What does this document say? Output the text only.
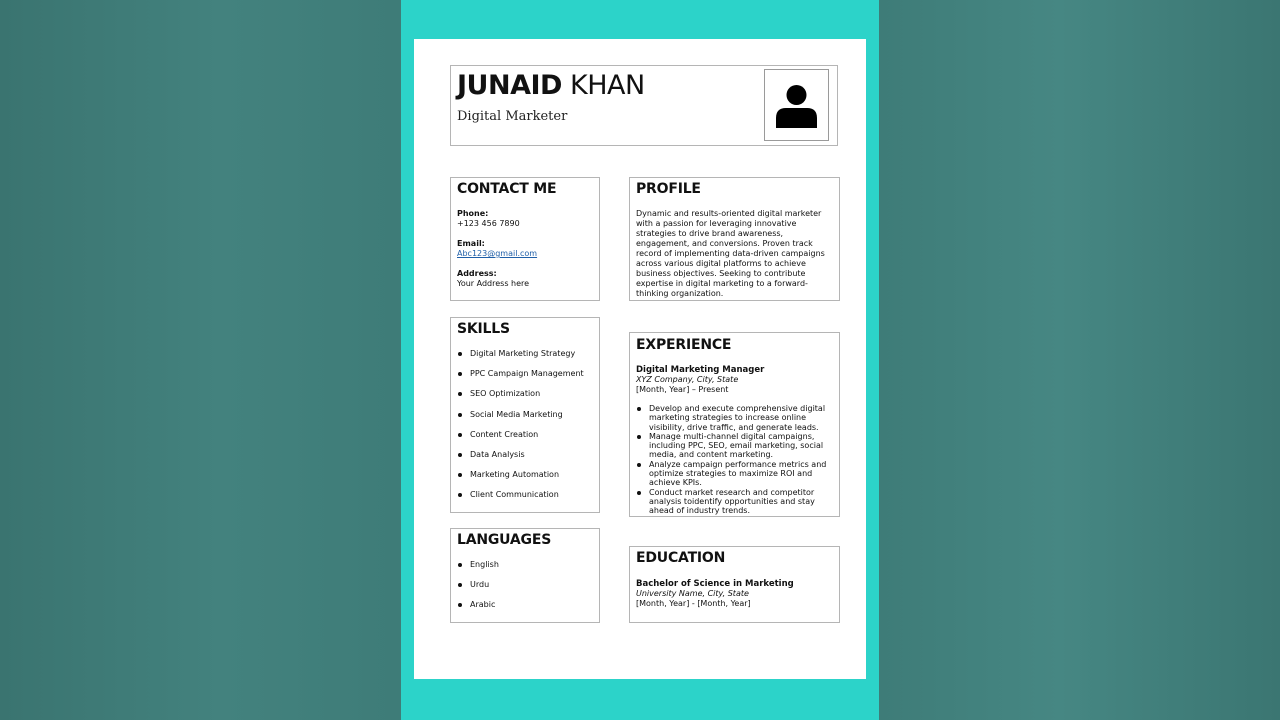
JUNAID KHAN
Digital Marketer
CONTACT ME
Phone:
+123 456 7890
Email:
Abc123@gmail.com
Address:
Your Address here
SKILLS
Digital Marketing Strategy
PPC Campaign Management
SEO Optimization
Social Media Marketing
Content Creation
Data Analysis
Marketing Automation
Client Communication
LANGUAGES
English
Urdu
Arabic
PROFILE
Dynamic and results-oriented digital marketer with a passion for leveraging innovative strategies to drive brand awareness, engagement, and conversions. Proven track record of implementing data-driven campaigns across various digital platforms to achieve business objectives. Seeking to contribute expertise in digital marketing to a forward-thinking organization.
EXPERIENCE
Digital Marketing Manager
XYZ Company, City, State
[Month, Year] – Present
Develop and execute comprehensive digital marketing strategies to increase online visibility, drive traffic, and generate leads.
Manage multi-channel digital campaigns, including PPC, SEO, email marketing, social media, and content marketing.
Analyze campaign performance metrics and optimize strategies to maximize ROI and achieve KPIs.
Conduct market research and competitor analysis toidentify opportunities and stay ahead of industry trends.
EDUCATION
Bachelor of Science in Marketing
University Name, City, State
[Month, Year] - [Month, Year]
